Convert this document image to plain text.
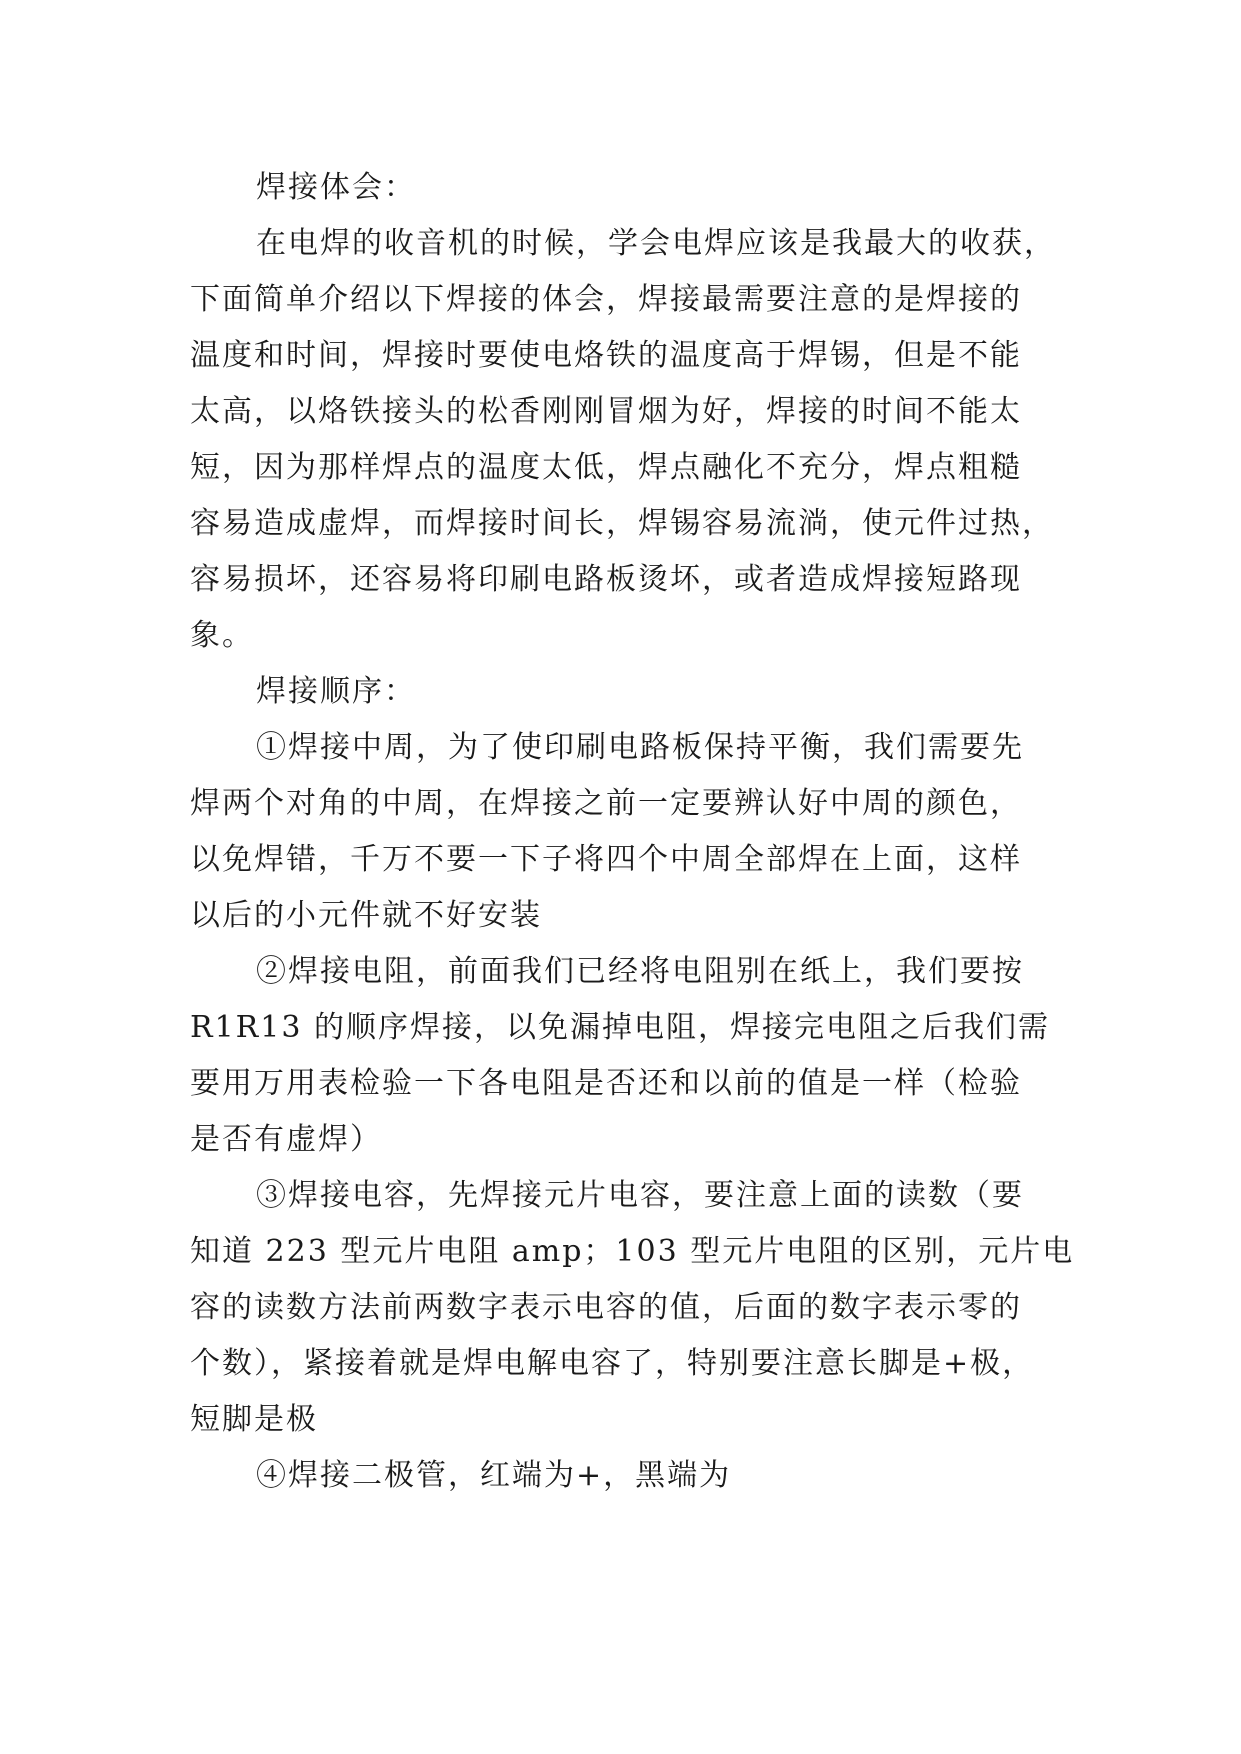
焊接体会：
在电焊的收音机的时候，学会电焊应该是我最大的收获，
下面简单介绍以下焊接的体会，焊接最需要注意的是焊接的
温度和时间，焊接时要使电烙铁的温度高于焊锡，但是不能
太高，以烙铁接头的松香刚刚冒烟为好，焊接的时间不能太
短，因为那样焊点的温度太低，焊点融化不充分，焊点粗糙
容易造成虚焊，而焊接时间长，焊锡容易流淌，使元件过热，
容易损坏，还容易将印刷电路板烫坏，或者造成焊接短路现
象。
焊接顺序：
①焊接中周，为了使印刷电路板保持平衡，我们需要先
焊两个对角的中周，在焊接之前一定要辨认好中周的颜色，
以免焊错，千万不要一下子将四个中周全部焊在上面，这样
以后的小元件就不好安装
②焊接电阻，前面我们已经将电阻别在纸上，我们要按
R1R13 的顺序焊接，以免漏掉电阻，焊接完电阻之后我们需
要用万用表检验一下各电阻是否还和以前的值是一样（检验
是否有虚焊）
③焊接电容，先焊接元片电容，要注意上面的读数（要
知道 223 型元片电阻 amp；103 型元片电阻的区别，元片电
容的读数方法前两数字表示电容的值，后面的数字表示零的
个数），紧接着就是焊电解电容了，特别要注意长脚是+极，
短脚是极
④焊接二极管，红端为+，黑端为
